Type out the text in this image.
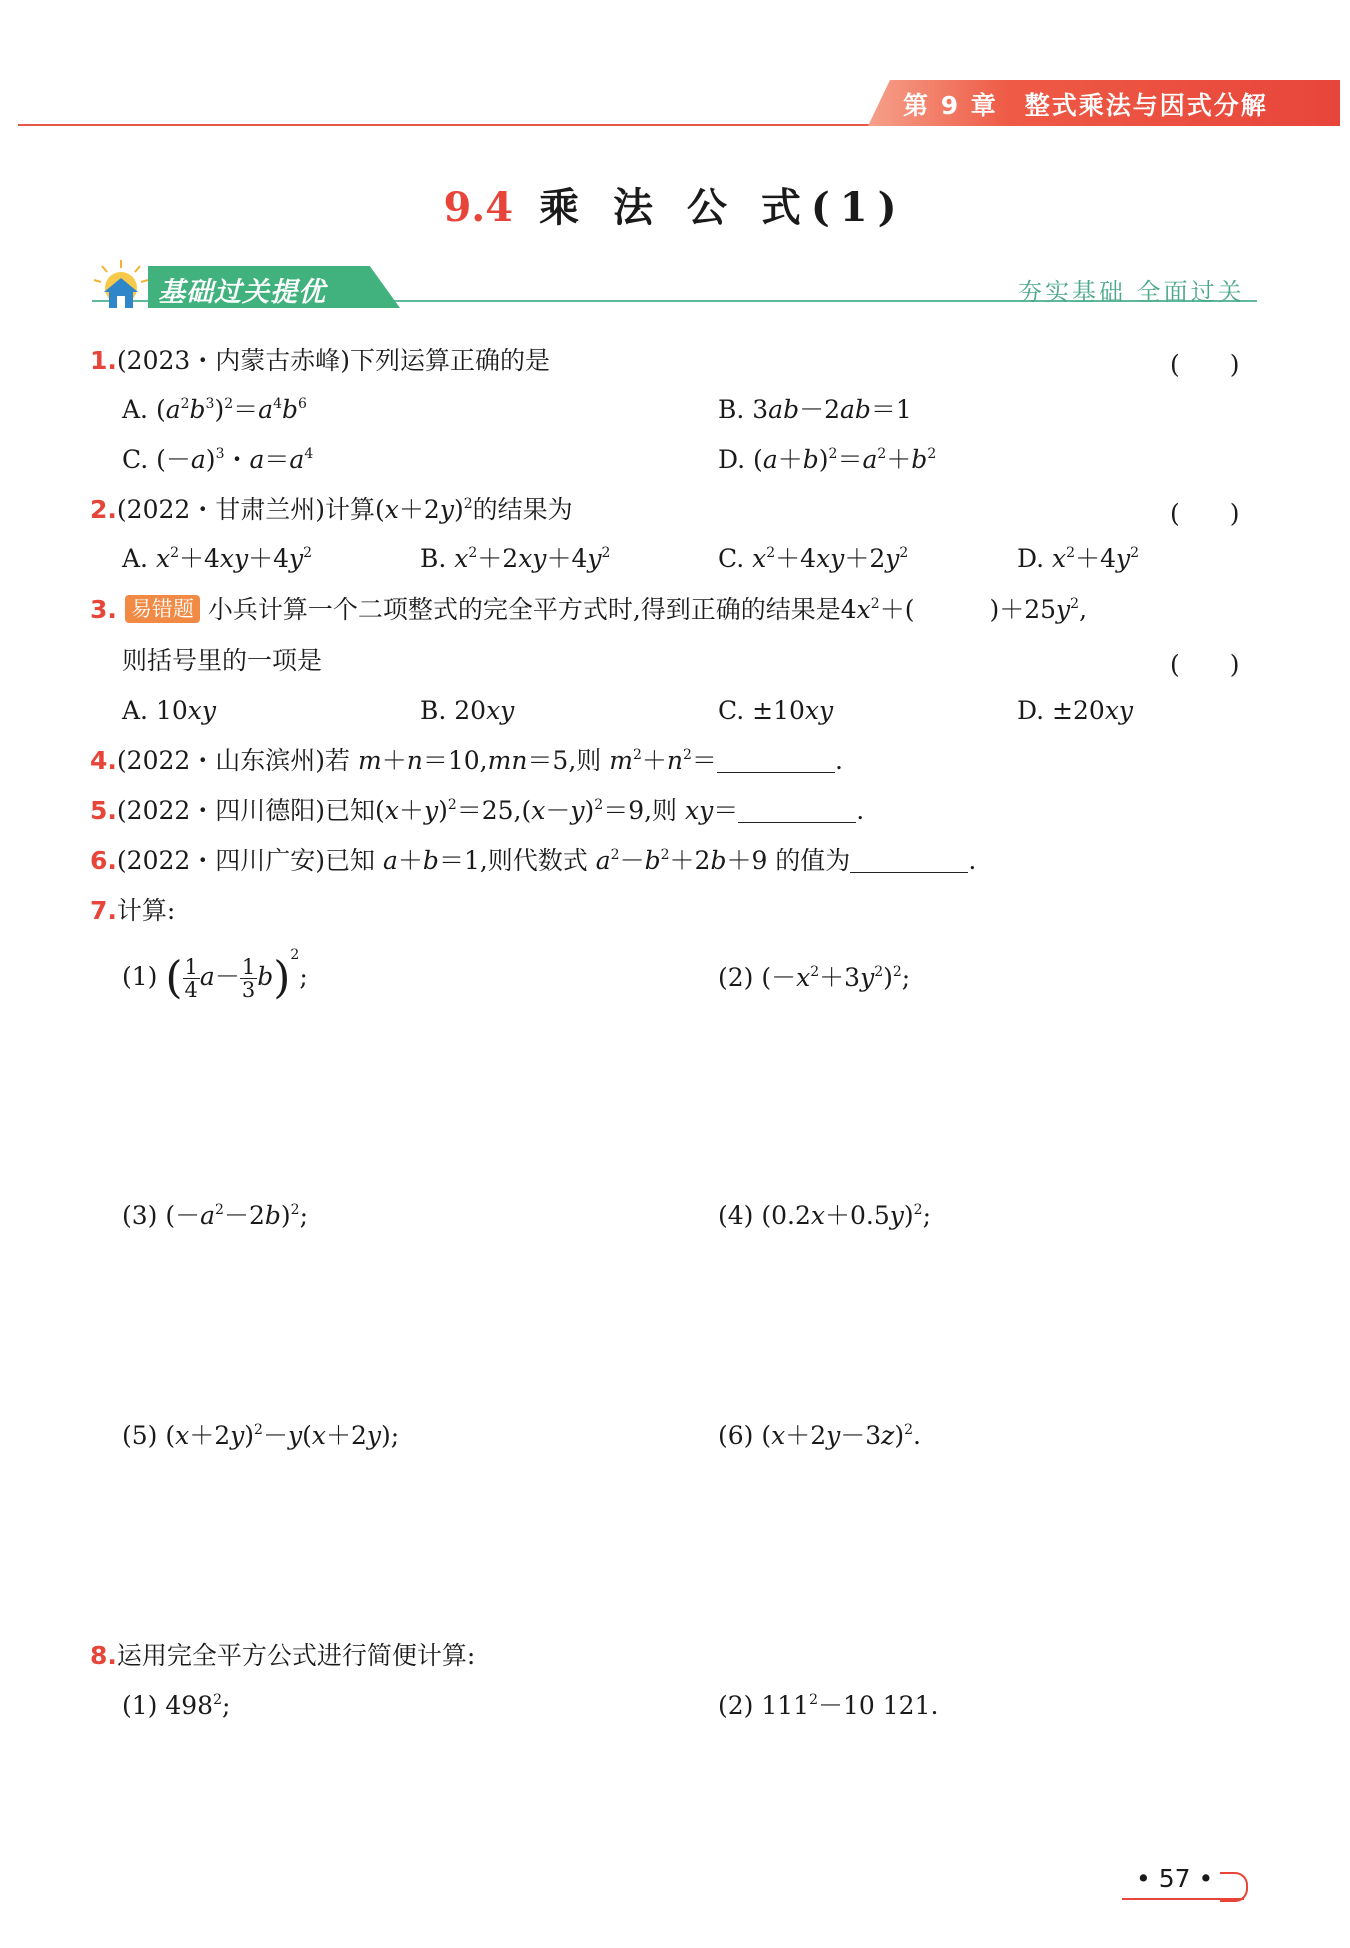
第 9 章　整式乘法与因式分解
9.4 乘 法 公 式(1)
基础过关提优	夯实基础 全面过关
1.(2023・内蒙古赤峰)下列运算正确的是	(　　)
A. $(a^2b^3)^2=a^4b^6$	B. 3ab－2ab＝1
C. $(-a)^3$・$a=a^4$	D. $(a+b)^2=a^2+b^2$
2.(2022・甘肃兰州)计算$(x+2y)^2$的结果为	(　　)
A. $x^2+4xy+4y^2$	B. $x^2+2xy+4y^2$	C. $x^2+4xy+2y^2$	D. $x^2+4y^2$
3. 易错题 小兵计算一个二项整式的完全平方式时,得到正确的结果是$4x^2+$(　　　)$+25y^2$,
则括号里的一项是	(　　)
A. 10xy	B. 20xy	C. ±10xy	D. ±20xy
4.(2022・山东滨州)若 m＋n＝10,mn＝5,则 $m^2+n^2=$	.
5.(2022・四川德阳)已知$(x+y)^2=25,(x-y)^2=9$,则 xy＝	.
6.(2022・四川广安)已知 a＋b＝1,则代数式 $a^2-b^2+2b+9$ 的值为	.
7.计算:
(1) ( $\frac{1}{4} a- \frac{1}{3} b)^2$;	(2) $(-x^2+3y^2)^2$;
(3) $(-a^2-2b)^2$;	(4) $(0.2x+0.5y)^2$;
(5) $(x+2y)^2-y(x+2y)$;	(6) $(x+2y-3z)^2$.
8.运用完全平方公式进行简便计算:
(1) $498^2$;	(2) $111^2-10$ 121.
• 57 •
